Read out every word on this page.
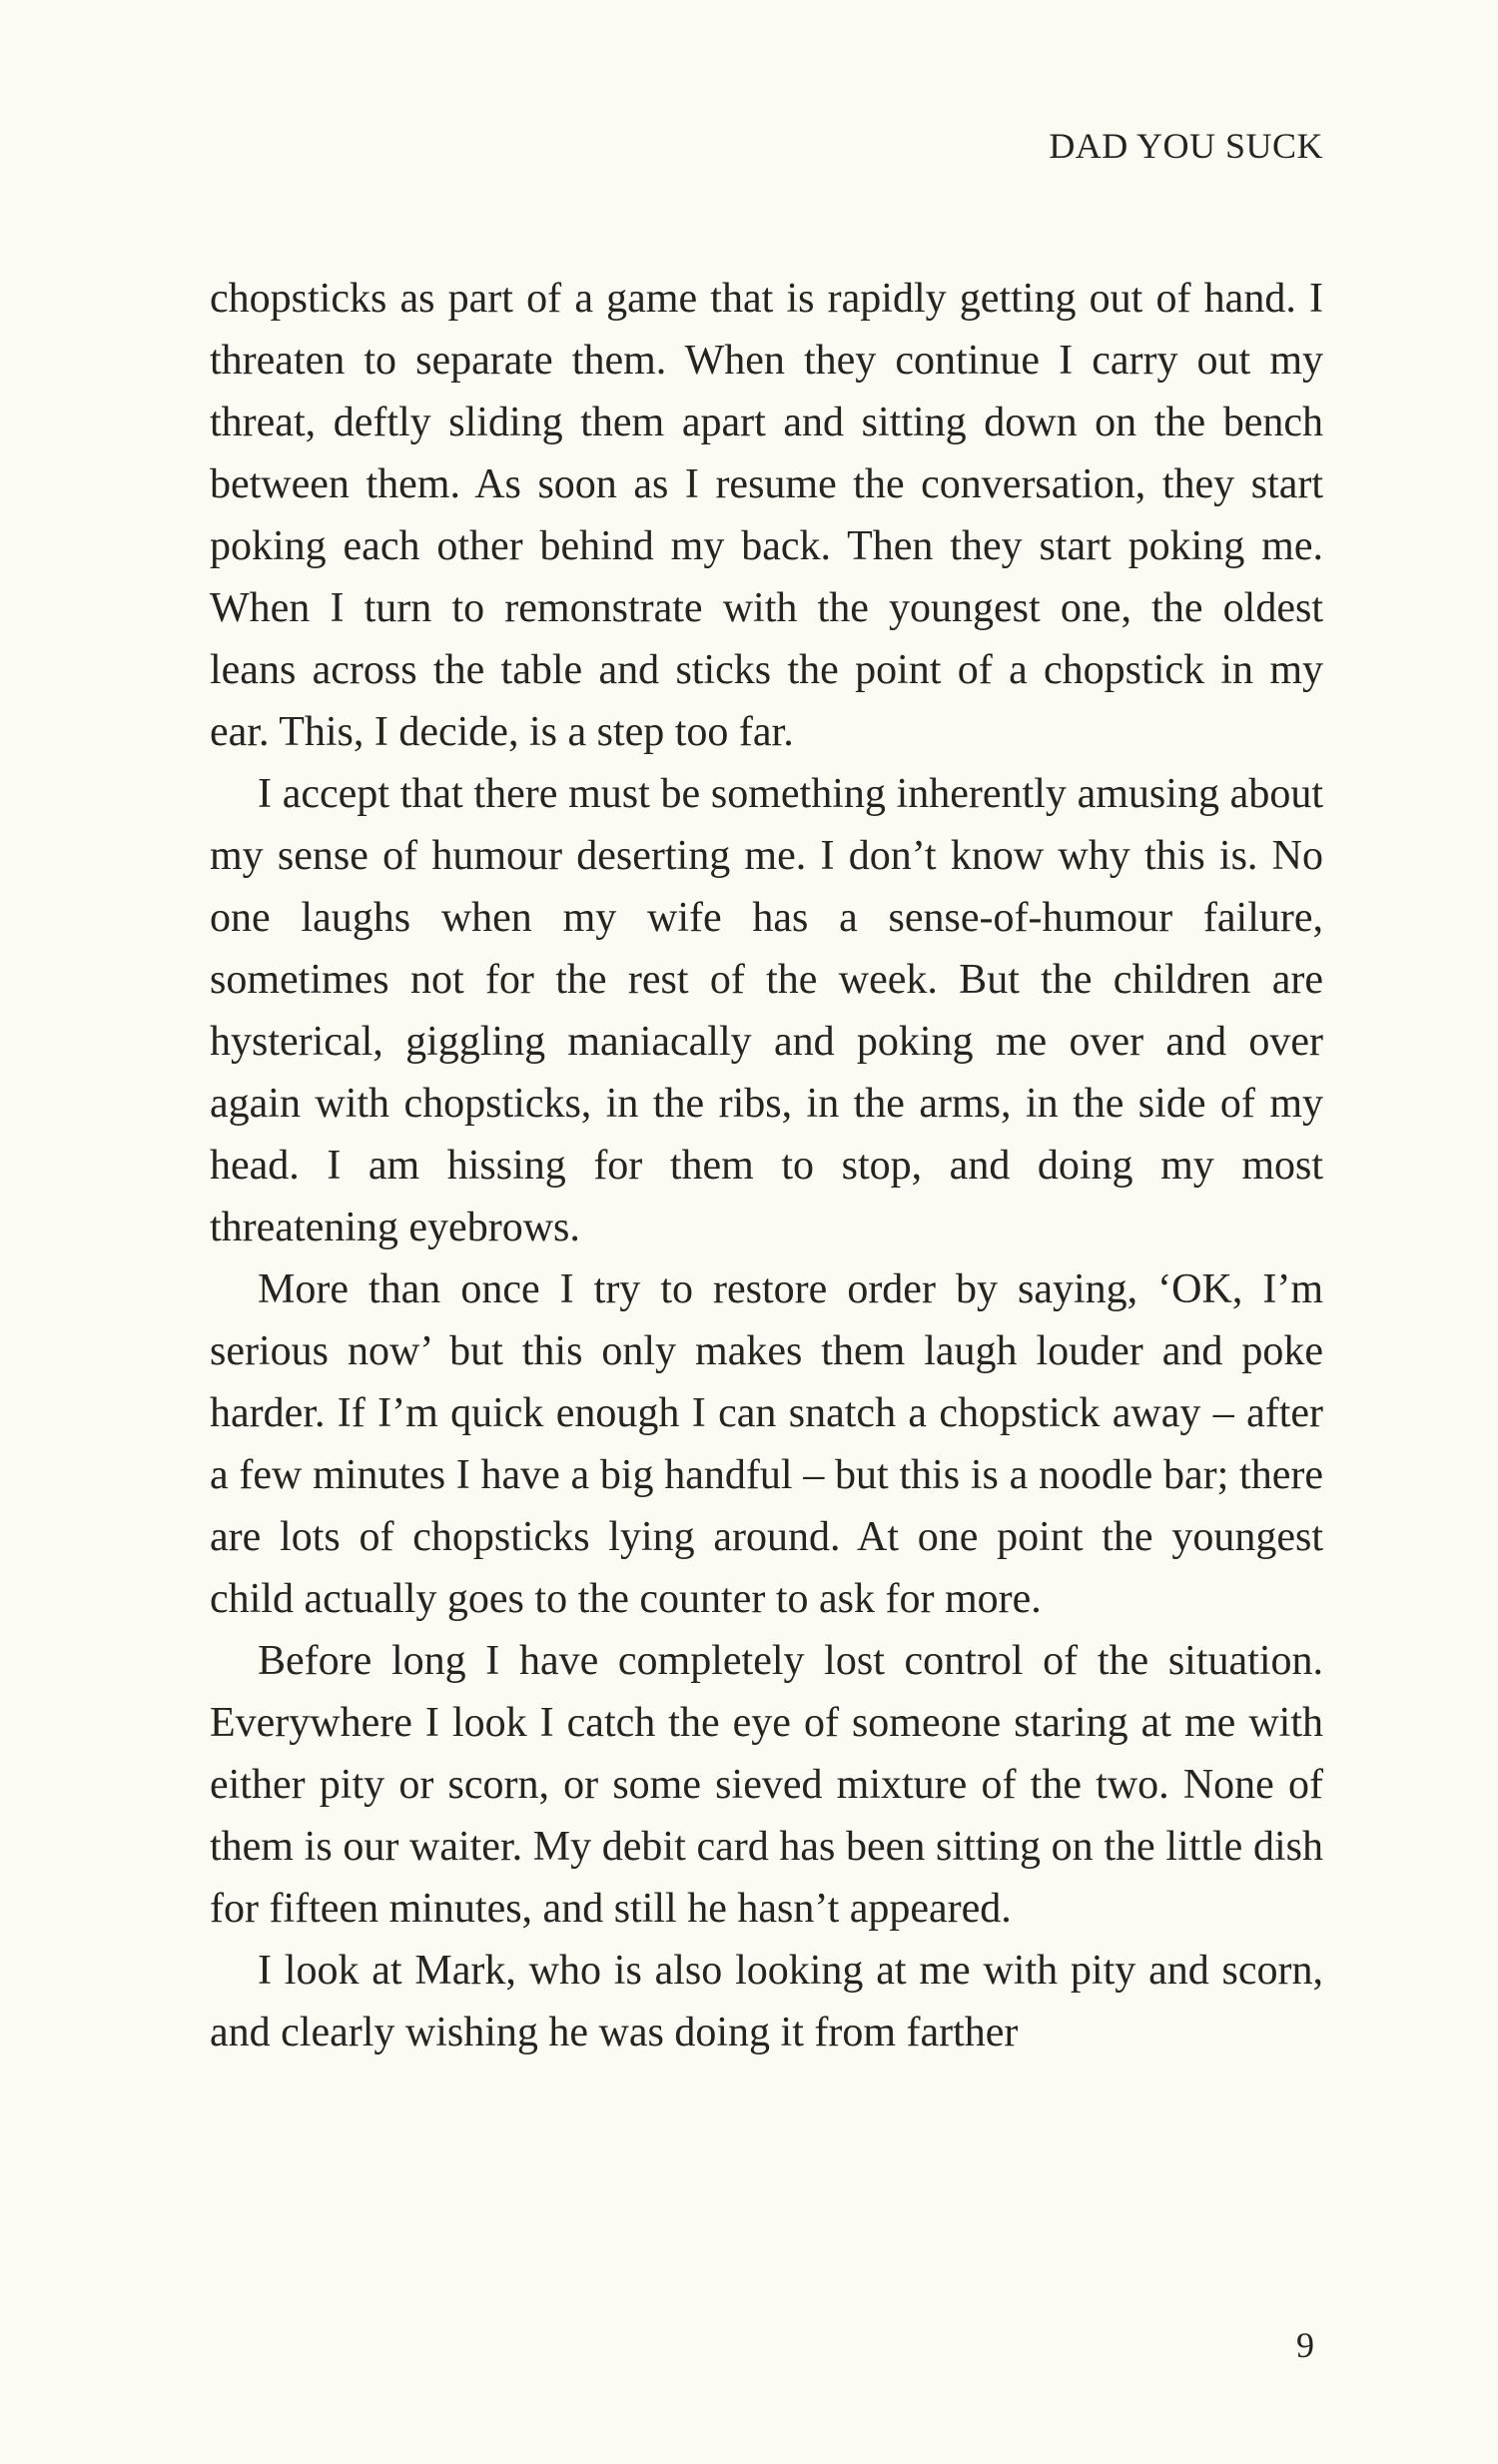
DAD YOU SUCK

chopsticks as part of a game that is rapidly getting out of hand. I threaten to separate them. When they continue I carry out my threat, deftly sliding them apart and sitting down on the bench between them. As soon as I resume the conversation, they start poking each other behind my back. Then they start poking me. When I turn to remonstrate with the youngest one, the oldest leans across the table and sticks the point of a chopstick in my ear. This, I decide, is a step too far.

I accept that there must be something inherently amusing about my sense of humour deserting me. I don’t know why this is. No one laughs when my wife has a sense-of-humour failure, sometimes not for the rest of the week. But the children are hysterical, giggling maniacally and poking me over and over again with chopsticks, in the ribs, in the arms, in the side of my head. I am hissing for them to stop, and doing my most threatening eyebrows.

More than once I try to restore order by saying, ‘OK, I’m serious now’ but this only makes them laugh louder and poke harder. If I’m quick enough I can snatch a chopstick away – after a few minutes I have a big handful – but this is a noodle bar; there are lots of chopsticks lying around. At one point the youngest child actually goes to the counter to ask for more.

Before long I have completely lost control of the situation. Everywhere I look I catch the eye of someone staring at me with either pity or scorn, or some sieved mixture of the two. None of them is our waiter. My debit card has been sitting on the little dish for fifteen minutes, and still he hasn’t appeared.

I look at Mark, who is also looking at me with pity and scorn, and clearly wishing he was doing it from farther

9
